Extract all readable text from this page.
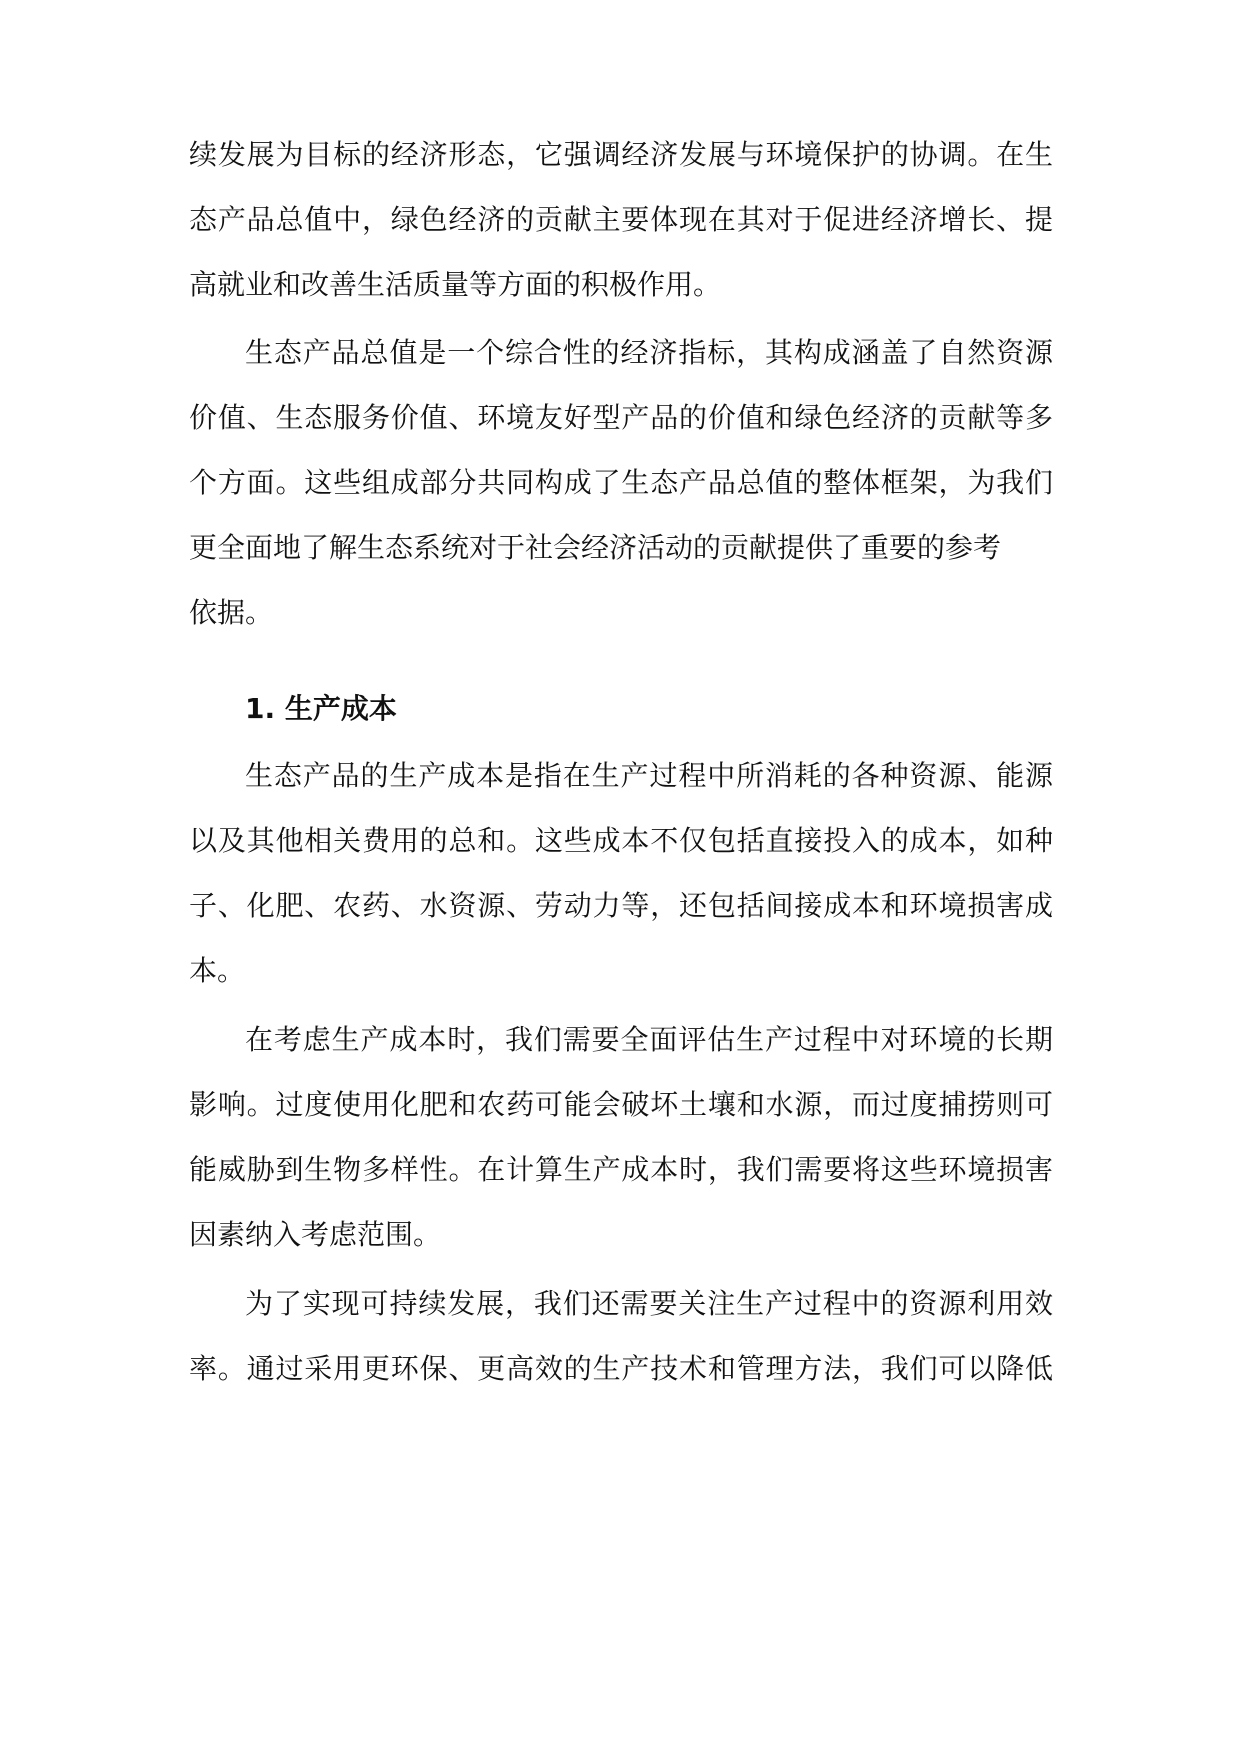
续发展为目标的经济形态，它强调经济发展与环境保护的协调。在生
态产品总值中，绿色经济的贡献主要体现在其对于促进经济增长、提
高就业和改善生活质量等方面的积极作用。
生态产品总值是一个综合性的经济指标，其构成涵盖了自然资源
价值、生态服务价值、环境友好型产品的价值和绿色经济的贡献等多
个方面。这些组成部分共同构成了生态产品总值的整体框架，为我们
更全面地了解生态系统对于社会经济活动的贡献提供了重要的参考
依据。
1. 生产成本
生态产品的生产成本是指在生产过程中所消耗的各种资源、能源
以及其他相关费用的总和。这些成本不仅包括直接投入的成本，如种
子、化肥、农药、水资源、劳动力等，还包括间接成本和环境损害成
本。
在考虑生产成本时，我们需要全面评估生产过程中对环境的长期
影响。过度使用化肥和农药可能会破坏土壤和水源，而过度捕捞则可
能威胁到生物多样性。在计算生产成本时，我们需要将这些环境损害
因素纳入考虑范围。
为了实现可持续发展，我们还需要关注生产过程中的资源利用效
率。通过采用更环保、更高效的生产技术和管理方法，我们可以降低
